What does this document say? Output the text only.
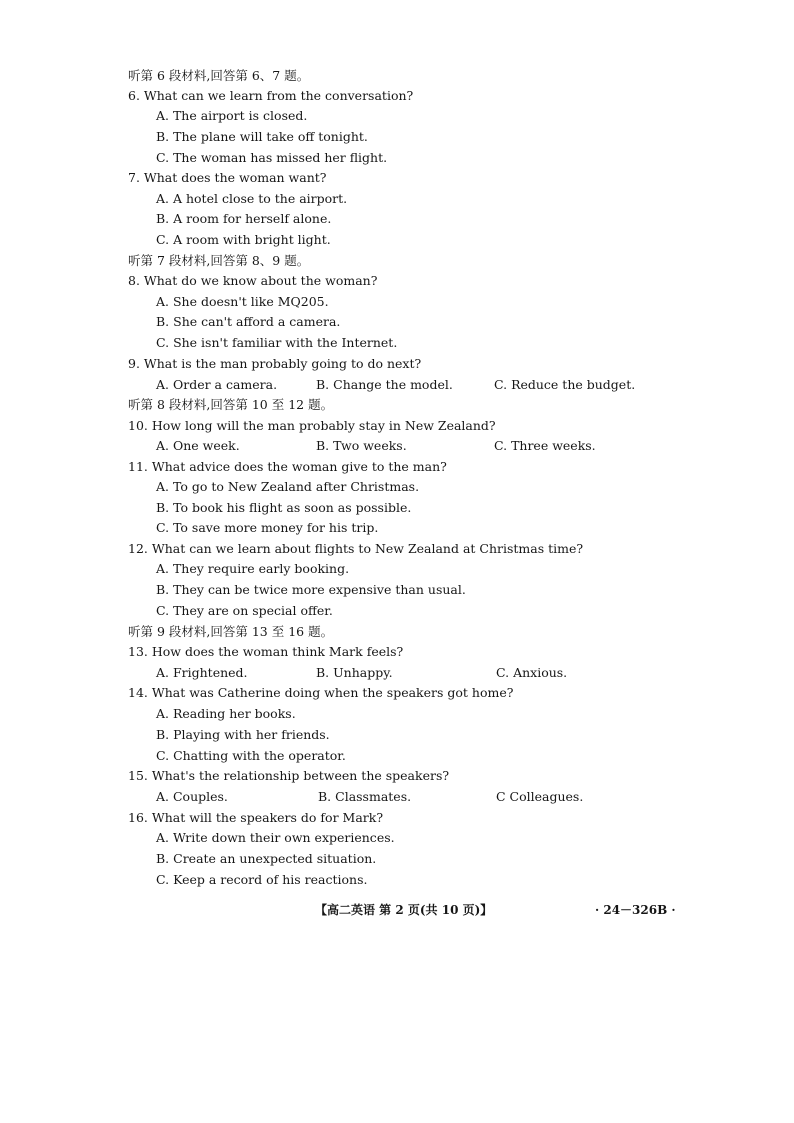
听第 6 段材料,回答第 6、7 题。
6. What can we learn from the conversation?
A. The airport is closed.
B. The plane will take off tonight.
C. The woman has missed her flight.
7. What does the woman want?
A. A hotel close to the airport.
B. A room for herself alone.
C. A room with bright light.
听第 7 段材料,回答第 8、9 题。
8. What do we know about the woman?
A. She doesn't like MQ205.
B. She can't afford a camera.
C. She isn't familiar with the Internet.
9. What is the man probably going to do next?
A. Order a camera.	B. Change the model.	C. Reduce the budget.
听第 8 段材料,回答第 10 至 12 题。
10. How long will the man probably stay in New Zealand?
A. One week.	B. Two weeks.	C. Three weeks.
11. What advice does the woman give to the man?
A. To go to New Zealand after Christmas.
B. To book his flight as soon as possible.
C. To save more money for his trip.
12. What can we learn about flights to New Zealand at Christmas time?
A. They require early booking.
B. They can be twice more expensive than usual.
C. They are on special offer.
听第 9 段材料,回答第 13 至 16 题。
13. How does the woman think Mark feels?
A. Frightened.	B. Unhappy.	C. Anxious.
14. What was Catherine doing when the speakers got home?
A. Reading her books.
B. Playing with her friends.
C. Chatting with the operator.
15. What's the relationship between the speakers?
A. Couples.	B. Classmates.	C Colleagues.
16. What will the speakers do for Mark?
A. Write down their own experiences.
B. Create an unexpected situation.
C. Keep a record of his reactions.
【高二英语 第 2 页(共 10 页)】	· 24－326B ·
